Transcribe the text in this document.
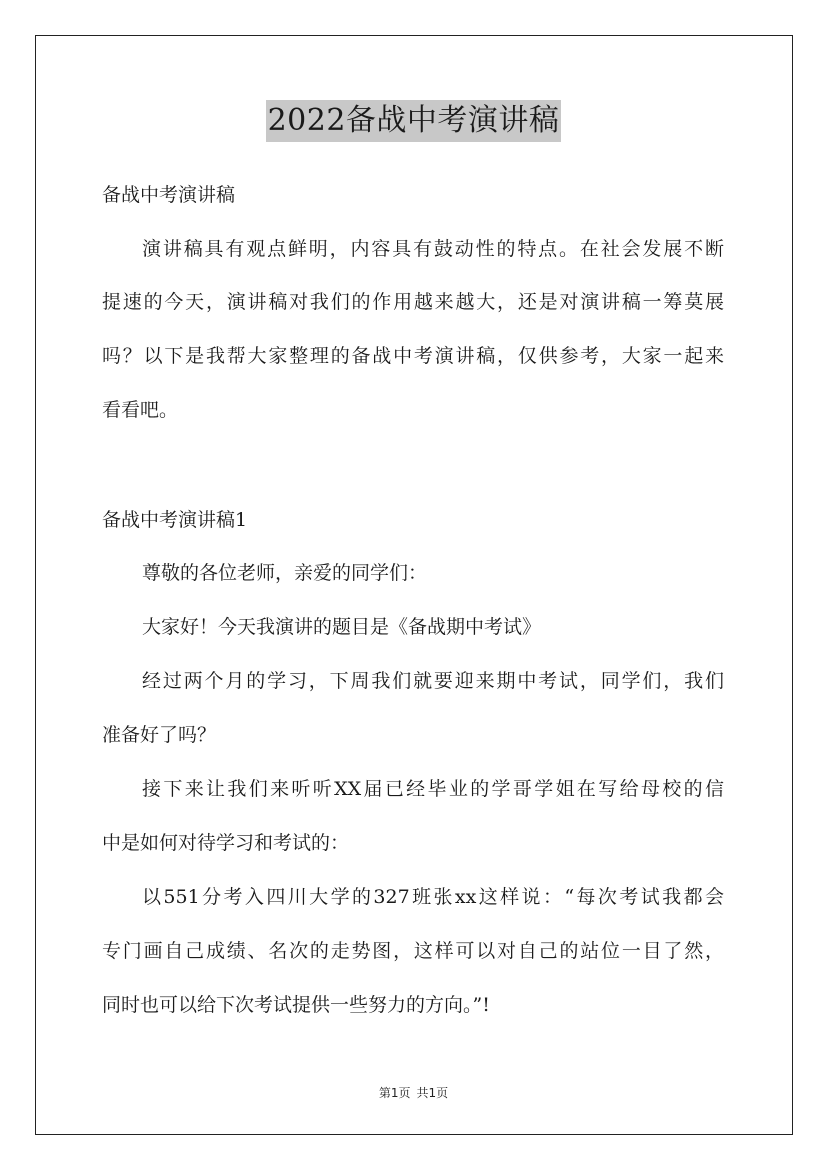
2022备战中考演讲稿
备战中考演讲稿
演讲稿具有观点鲜明，内容具有鼓动性的特点。在社会发展不断
提速的今天，演讲稿对我们的作用越来越大，还是对演讲稿一筹莫展
吗？以下是我帮大家整理的备战中考演讲稿，仅供参考，大家一起来
看看吧。
备战中考演讲稿1
尊敬的各位老师，亲爱的同学们：
大家好！今天我演讲的题目是《备战期中考试》
经过两个月的学习，下周我们就要迎来期中考试，同学们，我们
准备好了吗？
接下来让我们来听听XX届已经毕业的学哥学姐在写给母校的信
中是如何对待学习和考试的：
以551分考入四川大学的327班张xx这样说：“每次考试我都会
专门画自己成绩、名次的走势图，这样可以对自己的站位一目了然，
同时也可以给下次考试提供一些努力的方向。”!
第1页 共1页
